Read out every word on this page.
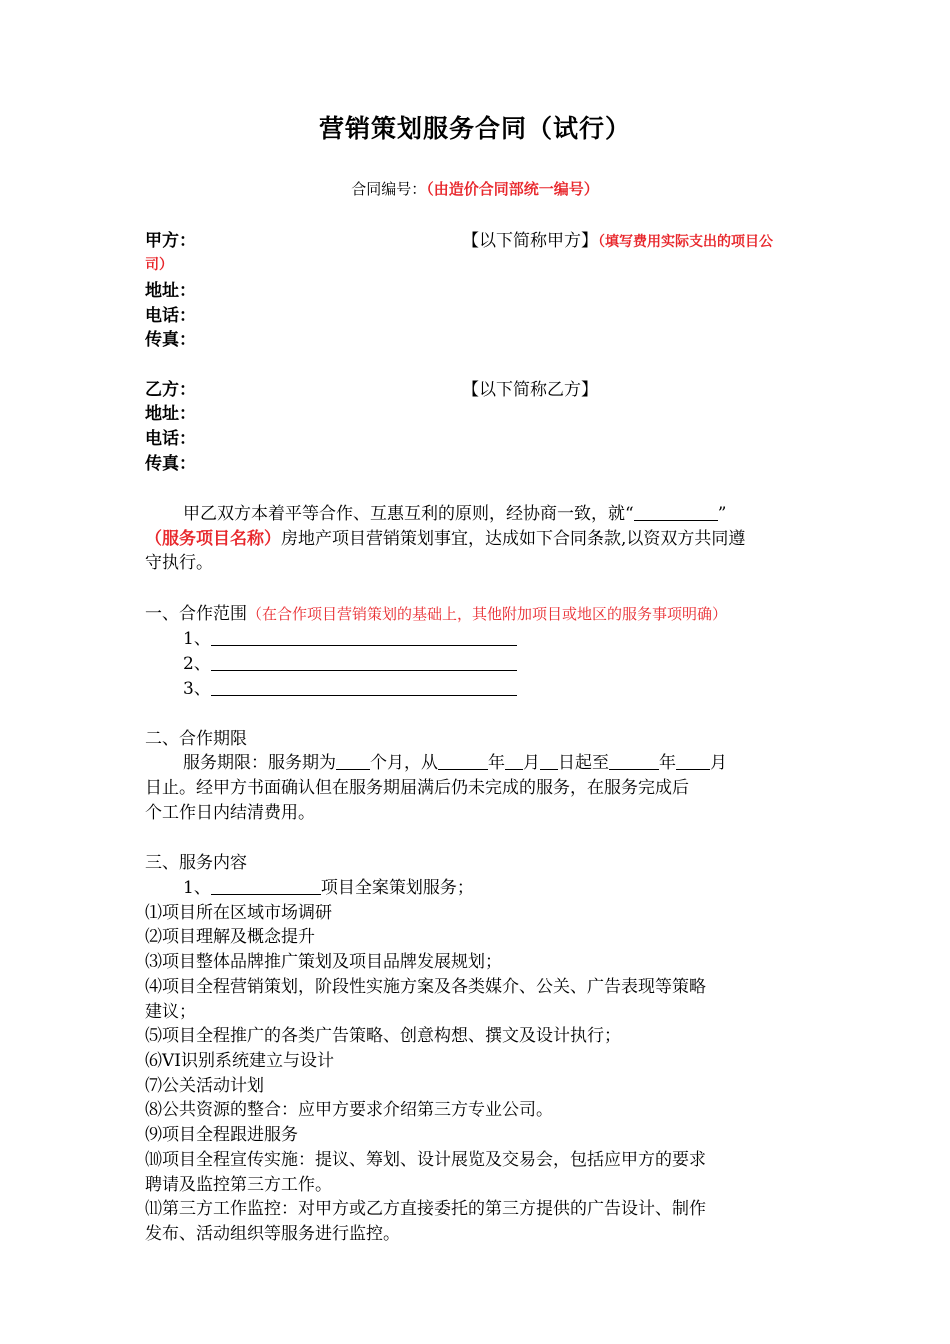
营销策划服务合同（试行）
合同编号：（由造价合同部统一编号）
甲方：	【以下简称甲方】（填写费用实际支出的项目公
司）
地址：
电话：
传真：
乙方：	【以下简称乙方】
地址：
电话：
传真：
甲乙双方本着平等合作、互惠互利的原则，经协商一致，就“	”
（服务项目名称）房地产项目营销策划事宜，达成如下合同条款,以资双方共同遵
守执行。
一、合作范围（在合作项目营销策划的基础上，其他附加项目或地区的服务事项明确）
1、
2、
3、
二、合作期限
服务期限：服务期为 个月，从	年 月 日起至	年 月
日止。经甲方书面确认但在服务期届满后仍未完成的服务，在服务完成后
个工作日内结清费用。
三、服务内容
1、	项目全案策划服务；
⑴项目所在区域市场调研
⑵项目理解及概念提升
⑶项目整体品牌推广策划及项目品牌发展规划；
⑷项目全程营销策划，阶段性实施方案及各类媒介、公关、广告表现等策略
建议；
⑸项目全程推广的各类广告策略、创意构想、撰文及设计执行；
⑹VI识别系统建立与设计
⑺公关活动计划
⑻公共资源的整合：应甲方要求介绍第三方专业公司。
⑼项目全程跟进服务
⑽项目全程宣传实施：提议、筹划、设计展览及交易会，包括应甲方的要求
聘请及监控第三方工作。
⑾第三方工作监控：对甲方或乙方直接委托的第三方提供的广告设计、制作
发布、活动组织等服务进行监控。
